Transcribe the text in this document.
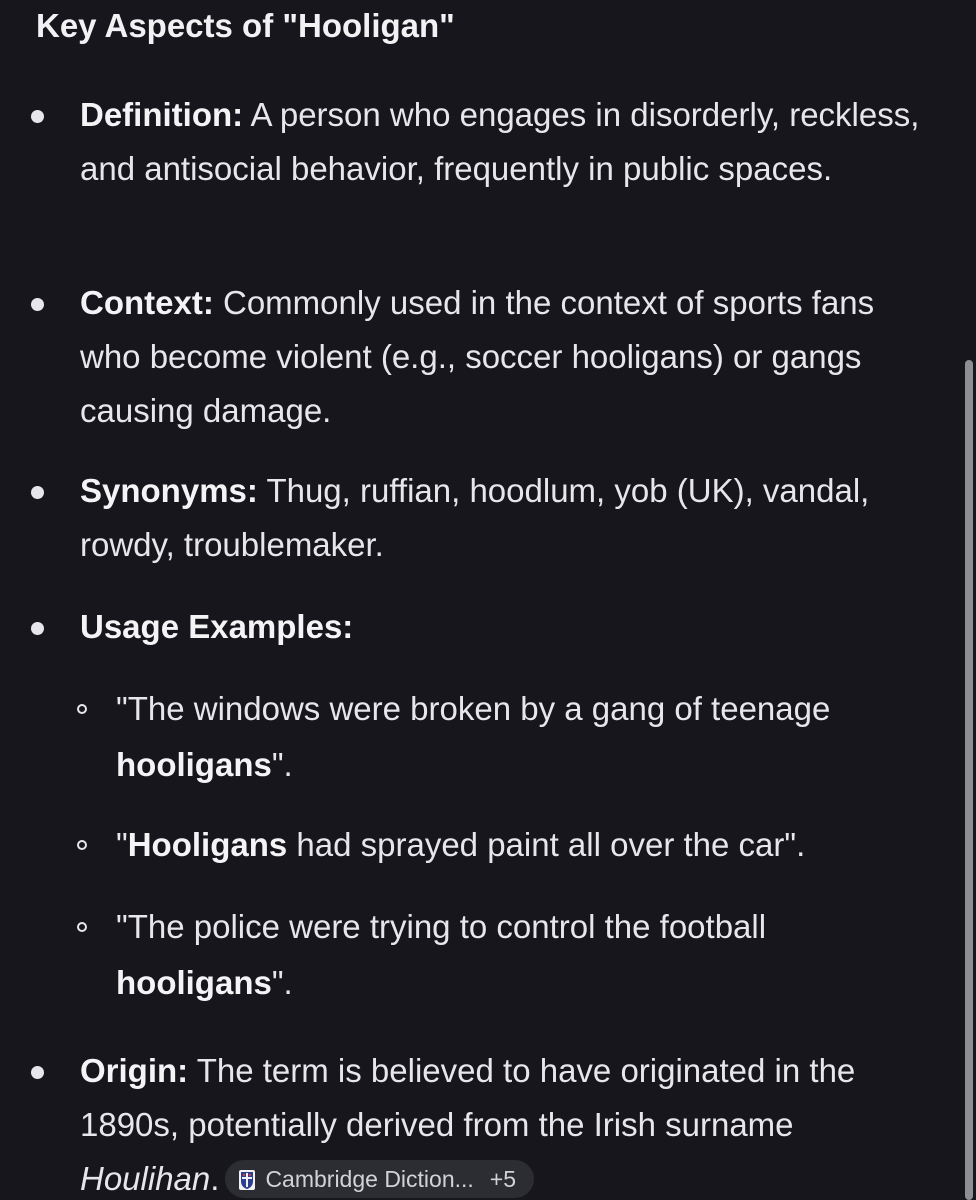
Key Aspects of "Hooligan"
Definition: A person who engages in disorderly, reckless, and antisocial behavior, frequently in public spaces.
Context: Commonly used in the context of sports fans who become violent (e.g., soccer hooligans) or gangs causing damage.
Synonyms: Thug, ruffian, hoodlum, yob (UK), vandal, rowdy, troublemaker.
Usage Examples:
"The windows were broken by a gang of teenage hooligans".
"Hooligans had sprayed paint all over the car".
"The police were trying to control the football hooligans".
Origin: The term is believed to have originated in the 1890s, potentially derived from the Irish surname Houlihan. Cambridge Diction... +5
